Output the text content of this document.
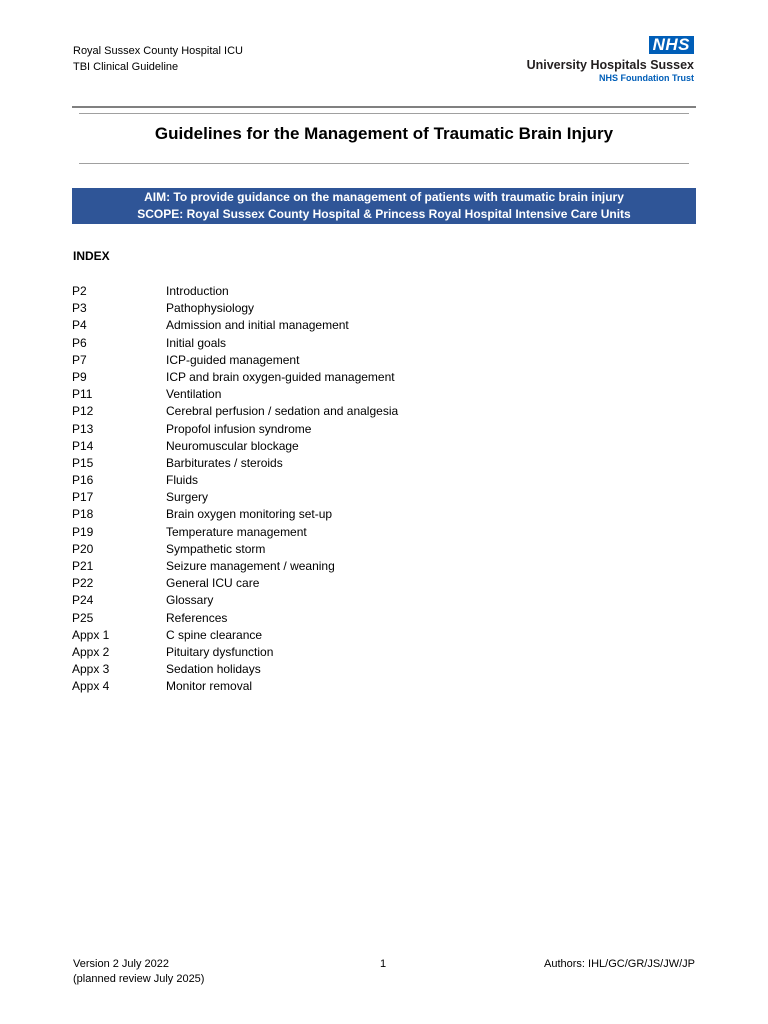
Royal Sussex County Hospital ICU
TBI Clinical Guideline
NHS
University Hospitals Sussex
NHS Foundation Trust
Guidelines for the Management of Traumatic Brain Injury
AIM: To provide guidance on the management of patients with traumatic brain injury
SCOPE: Royal Sussex County Hospital & Princess Royal Hospital Intensive Care Units
INDEX
P2	Introduction
P3	Pathophysiology
P4	Admission and initial management
P6	Initial goals
P7	ICP-guided management
P9	ICP and brain oxygen-guided management
P11	Ventilation
P12	Cerebral perfusion / sedation and analgesia
P13	Propofol infusion syndrome
P14	Neuromuscular blockage
P15	Barbiturates / steroids
P16	Fluids
P17	Surgery
P18	Brain oxygen monitoring set-up
P19	Temperature management
P20	Sympathetic storm
P21	Seizure management / weaning
P22	General ICU care
P24	Glossary
P25	References
Appx 1	C spine clearance
Appx 2	Pituitary dysfunction
Appx 3	Sedation holidays
Appx 4	Monitor removal
Version 2 July 2022
(planned review July 2025)
1	Authors: IHL/GC/GR/JS/JW/JP
